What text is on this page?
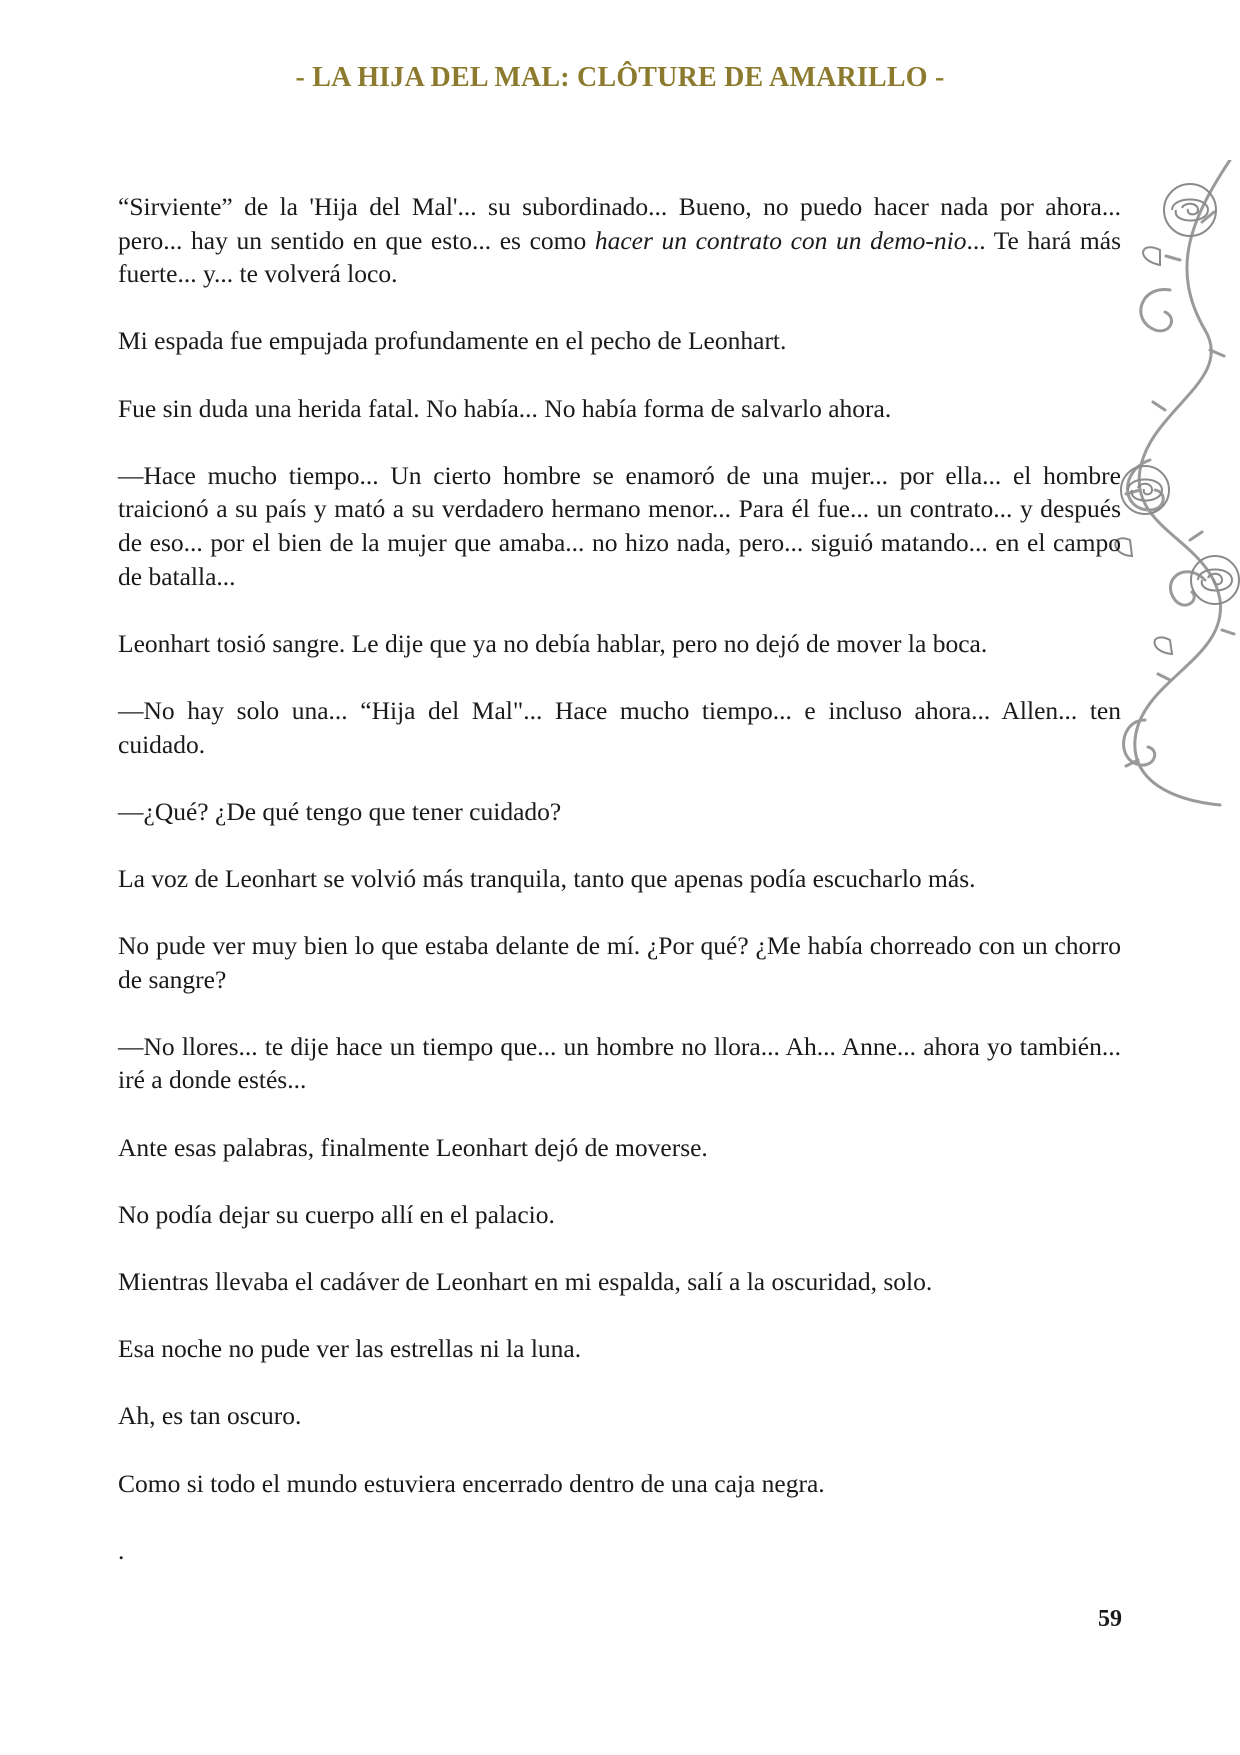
- LA HIJA DEL MAL: CLÔTURE DE AMARILLO -

“Sirviente” de la 'Hija del Mal'... su subordinado... Bueno, no puedo hacer nada por ahora... pero... hay un sentido en que esto... es como hacer un contrato con un demo-nio... Te hará más fuerte... y... te volverá loco.

Mi espada fue empujada profundamente en el pecho de Leonhart.

Fue sin duda una herida fatal. No había... No había forma de salvarlo ahora.

—Hace mucho tiempo... Un cierto hombre se enamoró de una mujer... por ella... el hombre traicionó a su país y mató a su verdadero hermano menor... Para él fue... un contrato... y después de eso... por el bien de la mujer que amaba... no hizo nada, pero... siguió matando... en el campo de batalla...

Leonhart tosió sangre. Le dije que ya no debía hablar, pero no dejó de mover la boca.

—No hay solo una... “Hija del Mal"... Hace mucho tiempo... e incluso ahora... Allen... ten cuidado.

—¿Qué? ¿De qué tengo que tener cuidado?

La voz de Leonhart se volvió más tranquila, tanto que apenas podía escucharlo más.

No pude ver muy bien lo que estaba delante de mí. ¿Por qué? ¿Me había chorreado con un chorro de sangre?

—No llores... te dije hace un tiempo que... un hombre no llora... Ah... Anne... ahora yo también... iré a donde estés...

Ante esas palabras, finalmente Leonhart dejó de moverse.

No podía dejar su cuerpo allí en el palacio.

Mientras llevaba el cadáver de Leonhart en mi espalda, salí a la oscuridad, solo.

Esa noche no pude ver las estrellas ni la luna.

Ah, es tan oscuro.

Como si todo el mundo estuviera encerrado dentro de una caja negra.

.

59
